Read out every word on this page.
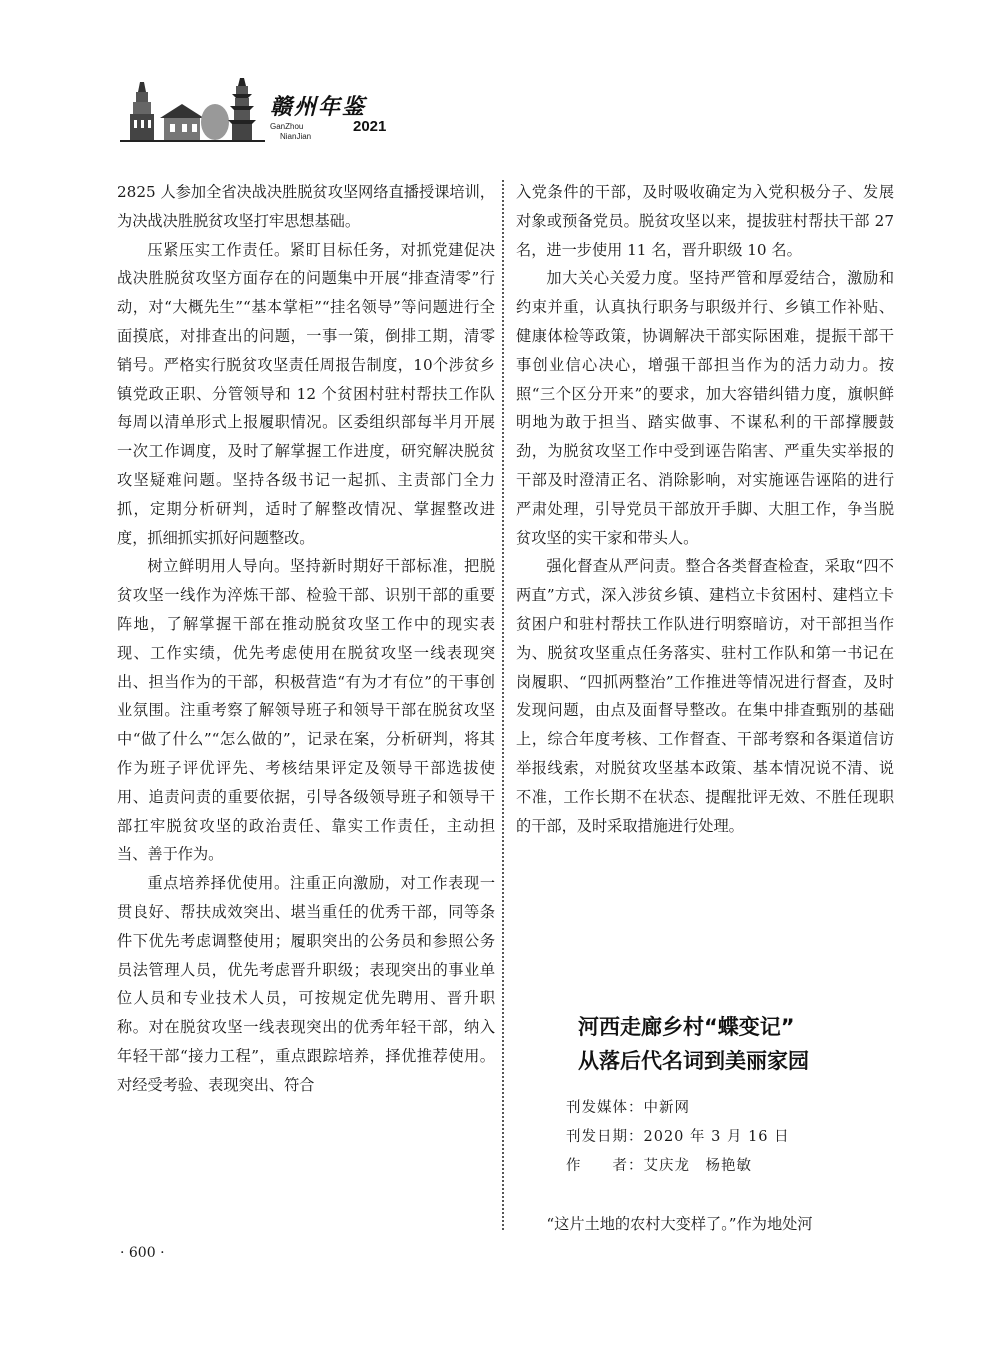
赣州年鉴
GanZhou
NianJian
2021

2825 人参加全省决战决胜脱贫攻坚网络直播授课培训，为决战决胜脱贫攻坚打牢思想基础。

压紧压实工作责任。紧盯目标任务，对抓党建促决战决胜脱贫攻坚方面存在的问题集中开展“排查清零”行动，对“大概先生”“基本掌柜”“挂名领导”等问题进行全面摸底，对排查出的问题，一事一策，倒排工期，清零销号。严格实行脱贫攻坚责任周报告制度，10个涉贫乡镇党政正职、分管领导和 12 个贫困村驻村帮扶工作队每周以清单形式上报履职情况。区委组织部每半月开展一次工作调度，及时了解掌握工作进度，研究解决脱贫攻坚疑难问题。坚持各级书记一起抓、主责部门全力抓，定期分析研判，适时了解整改情况、掌握整改进度，抓细抓实抓好问题整改。

树立鲜明用人导向。坚持新时期好干部标准，把脱贫攻坚一线作为淬炼干部、检验干部、识别干部的重要阵地，了解掌握干部在推动脱贫攻坚工作中的现实表现、工作实绩，优先考虑使用在脱贫攻坚一线表现突出、担当作为的干部，积极营造“有为才有位”的干事创业氛围。注重考察了解领导班子和领导干部在脱贫攻坚中“做了什么”“怎么做的”，记录在案，分析研判，将其作为班子评优评先、考核结果评定及领导干部选拔使用、追责问责的重要依据，引导各级领导班子和领导干部扛牢脱贫攻坚的政治责任、靠实工作责任，主动担当、善于作为。

重点培养择优使用。注重正向激励，对工作表现一贯良好、帮扶成效突出、堪当重任的优秀干部，同等条件下优先考虑调整使用；履职突出的公务员和参照公务员法管理人员，优先考虑晋升职级；表现突出的事业单位人员和专业技术人员，可按规定优先聘用、晋升职称。对在脱贫攻坚一线表现突出的优秀年轻干部，纳入年轻干部“接力工程”，重点跟踪培养，择优推荐使用。对经受考验、表现突出、符合

入党条件的干部，及时吸收确定为入党积极分子、发展对象或预备党员。脱贫攻坚以来，提拔驻村帮扶干部 27 名，进一步使用 11 名，晋升职级 10 名。

加大关心关爱力度。坚持严管和厚爱结合，激励和约束并重，认真执行职务与职级并行、乡镇工作补贴、健康体检等政策，协调解决干部实际困难，提振干部干事创业信心决心，增强干部担当作为的活力动力。按照“三个区分开来”的要求，加大容错纠错力度，旗帜鲜明地为敢于担当、踏实做事、不谋私利的干部撑腰鼓劲，为脱贫攻坚工作中受到诬告陷害、严重失实举报的干部及时澄清正名、消除影响，对实施诬告诬陷的进行严肃处理，引导党员干部放开手脚、大胆工作，争当脱贫攻坚的实干家和带头人。

强化督查从严问责。整合各类督查检查，采取“四不两直”方式，深入涉贫乡镇、建档立卡贫困村、建档立卡贫困户和驻村帮扶工作队进行明察暗访，对干部担当作为、脱贫攻坚重点任务落实、驻村工作队和第一书记在岗履职、“四抓两整治”工作推进等情况进行督查，及时发现问题，由点及面督导整改。在集中排查甄别的基础上，综合年度考核、工作督查、干部考察和各渠道信访举报线索，对脱贫攻坚基本政策、基本情况说不清、说不准，工作长期不在状态、提醒批评无效、不胜任现职的干部，及时采取措施进行处理。

河西走廊乡村“蝶变记”
从落后代名词到美丽家园
刊发媒体：中新网
刊发日期：2020 年 3 月 16 日
作　　者：艾庆龙　杨艳敏
“这片土地的农村大变样了。”作为地处河
· 600 ·
